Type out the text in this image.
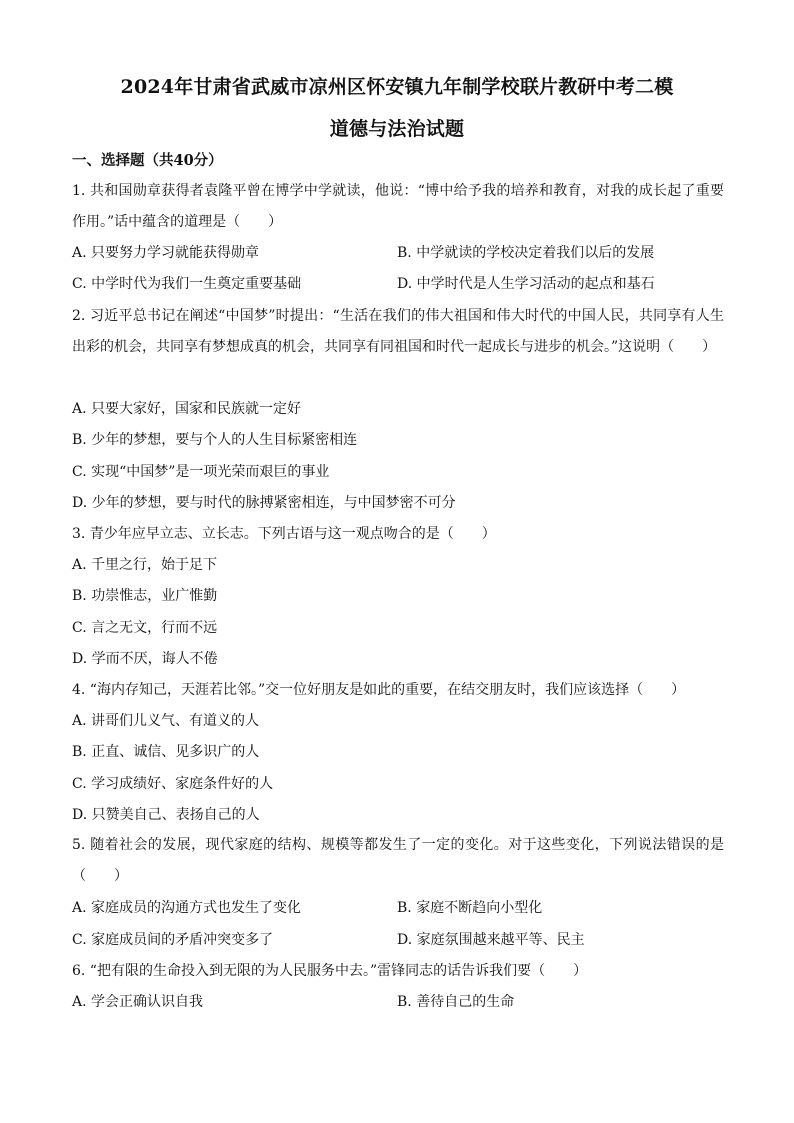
2024年甘肃省武威市凉州区怀安镇九年制学校联片教研中考二模
道德与法治试题
一、选择题（共40分）
1. 共和国勋章获得者袁隆平曾在博学中学就读，他说：“博中给予我的培养和教育，对我的成长起了重要作用。”话中蕴含的道理是（　　）
A. 只要努力学习就能获得勋章	B. 中学就读的学校决定着我们以后的发展
C. 中学时代为我们一生奠定重要基础	D. 中学时代是人生学习活动的起点和基石
2. 习近平总书记在阐述“中国梦”时提出：“生活在我们的伟大祖国和伟大时代的中国人民，共同享有人生出彩的机会，共同享有梦想成真的机会，共同享有同祖国和时代一起成长与进步的机会。”这说明（　　）
A. 只要大家好，国家和民族就一定好
B. 少年的梦想，要与个人的人生目标紧密相连
C. 实现“中国梦”是一项光荣而艰巨的事业
D. 少年的梦想，要与时代的脉搏紧密相连，与中国梦密不可分
3. 青少年应早立志、立长志。下列古语与这一观点吻合的是（　　）
A. 千里之行，始于足下
B. 功崇惟志，业广惟勤
C. 言之无文，行而不远
D. 学而不厌，诲人不倦
4. “海内存知己，天涯若比邻。”交一位好朋友是如此的重要，在结交朋友时，我们应该选择（　　）
A. 讲哥们儿义气、有道义的人
B. 正直、诚信、见多识广的人
C. 学习成绩好、家庭条件好的人
D. 只赞美自己、表扬自己的人
5. 随着社会的发展，现代家庭的结构、规模等都发生了一定的变化。对于这些变化，下列说法错误的是（　　）
A. 家庭成员的沟通方式也发生了变化	B. 家庭不断趋向小型化
C. 家庭成员间的矛盾冲突变多了	D. 家庭氛围越来越平等、民主
6. “把有限的生命投入到无限的为人民服务中去。”雷锋同志的话告诉我们要（　　）
A. 学会正确认识自我	B. 善待自己的生命
